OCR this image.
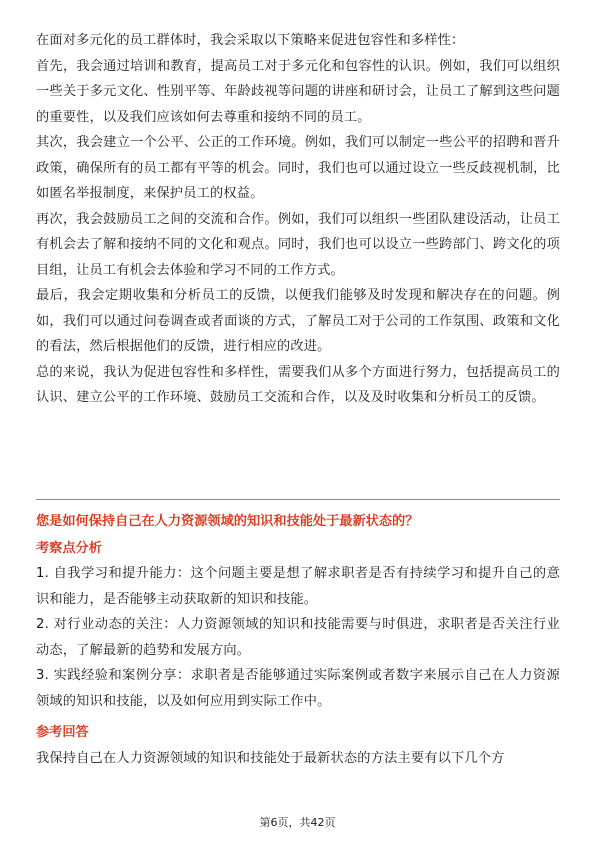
在面对多元化的员工群体时，我会采取以下策略来促进包容性和多样性：

首先，我会通过培训和教育，提高员工对于多元化和包容性的认识。例如，我们可以组织一些关于多元文化、性别平等、年龄歧视等问题的讲座和研讨会，让员工了解到这些问题的重要性，以及我们应该如何去尊重和接纳不同的员工。

其次，我会建立一个公平、公正的工作环境。例如，我们可以制定一些公平的招聘和晋升政策，确保所有的员工都有平等的机会。同时，我们也可以通过设立一些反歧视机制，比如匿名举报制度，来保护员工的权益。

再次，我会鼓励员工之间的交流和合作。例如，我们可以组织一些团队建设活动，让员工有机会去了解和接纳不同的文化和观点。同时，我们也可以设立一些跨部门、跨文化的项目组，让员工有机会去体验和学习不同的工作方式。

最后，我会定期收集和分析员工的反馈，以便我们能够及时发现和解决存在的问题。例如，我们可以通过问卷调查或者面谈的方式，了解员工对于公司的工作氛围、政策和文化的看法，然后根据他们的反馈，进行相应的改进。

总的来说，我认为促进包容性和多样性，需要我们从多个方面进行努力，包括提高员工的认识、建立公平的工作环境、鼓励员工交流和合作，以及及时收集和分析员工的反馈。

您是如何保持自己在人力资源领域的知识和技能处于最新状态的？

考察点分析

1. 自我学习和提升能力：这个问题主要是想了解求职者是否有持续学习和提升自己的意识和能力，是否能够主动获取新的知识和技能。

2. 对行业动态的关注：人力资源领域的知识和技能需要与时俱进，求职者是否关注行业动态，了解最新的趋势和发展方向。

3. 实践经验和案例分享：求职者是否能够通过实际案例或者数字来展示自己在人力资源领域的知识和技能，以及如何应用到实际工作中。

参考回答

我保持自己在人力资源领域的知识和技能处于最新状态的方法主要有以下几个方

第6页，共42页
